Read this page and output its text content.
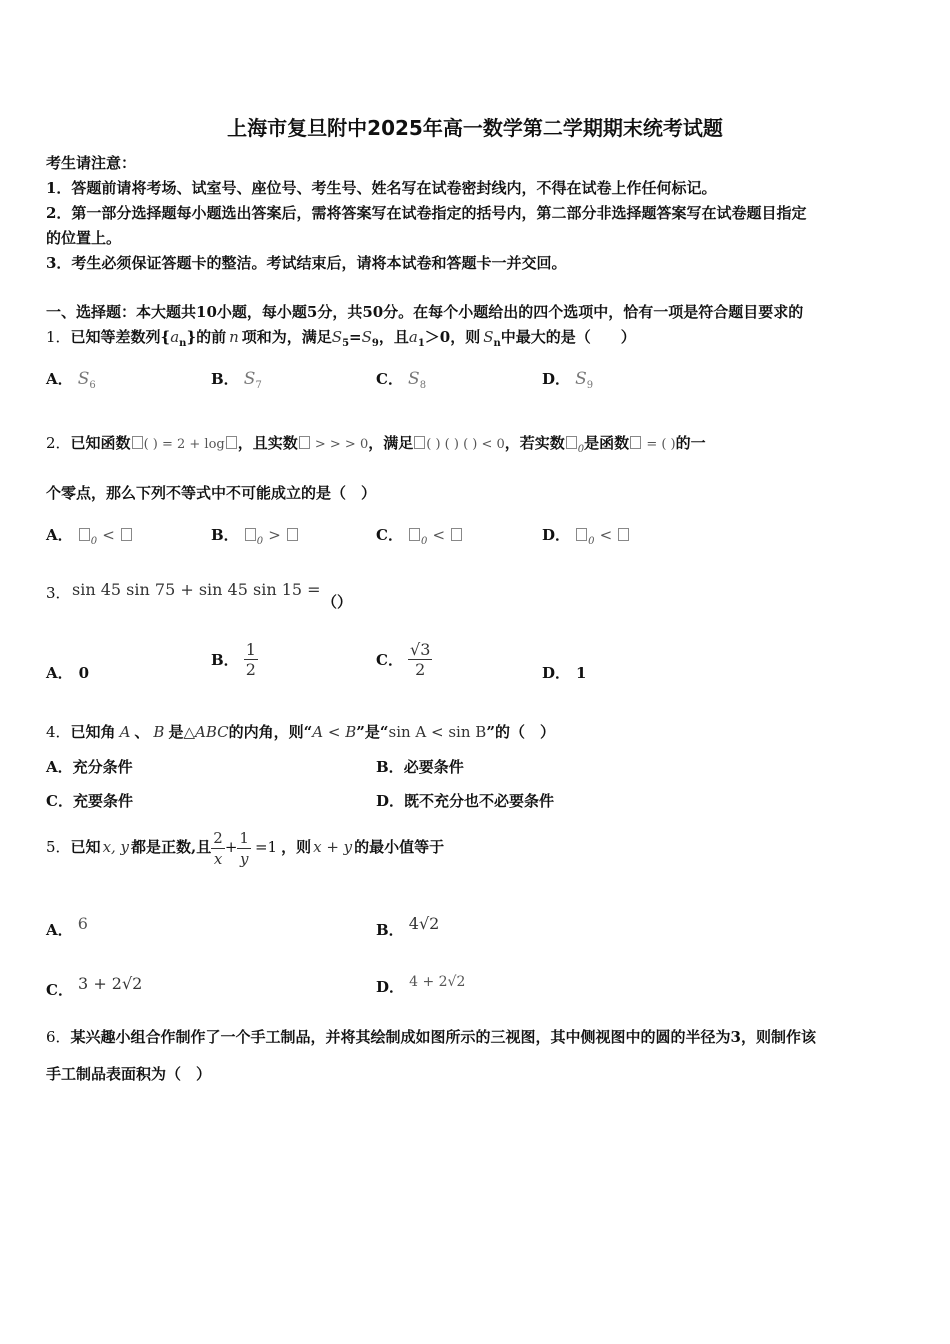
上海市复旦附中2025年高一数学第二学期期末统考试题
考生请注意：
1．答题前请将考场、试室号、座位号、考生号、姓名写在试卷密封线内，不得在试卷上作任何标记。
2．第一部分选择题每小题选出答案后，需将答案写在试卷指定的括号内，第二部分非选择题答案写在试卷题目指定
的位置上。
3．考生必须保证答题卡的整洁。考试结束后，请将本试卷和答题卡一并交回。
一、选择题：本大题共10小题，每小题5分，共50分。在每个小题给出的四个选项中，恰有一项是符合题目要求的
1．已知等差数列$\{a_n\}$的前 n 项和为，满足$S_5=S_9$，且$a_1>0$，则 $S_n$中最大的是（　　）
A． $S_6$	B． $S_7$	C． $S_8$	D． $S_9$
2．已知函数 ( ) = 2 + log ，且实数 > > > 0，满足 ( ) ( ) ( ) < 0，若实数 $_0$是函数 = ( )的一
个零点，那么下列不等式中不可能成立的是（　）
A． $_0$ <	B． $_0$ >	C． $_0$ <	D． $_0$ <
3． sin 45 sin 75 + sin 45 sin 15 =
（）
A． 0
B． $\frac{1}{2}$	C． $\frac{√3}{2}$	D． 1
4．已知角 A 、 B 是△ABC的内角，则“A < B”是“sin A < sin B”的（　）
A．充分条件	B．必要条件
C．充要条件	D．既不充分也不必要条件
5．已知 x, y 都是正数,且 $\frac{2}{x} + \frac{1}{y} =1$ ，则 x + y 的最小值等于
A． 6	B． 4√2
C． 3 + 2√2	D． 4 + 2√2
6．某兴趣小组合作制作了一个手工制品，并将其绘制成如图所示的三视图，其中侧视图中的圆的半径为3，则制作该
手工制品表面积为（　）
